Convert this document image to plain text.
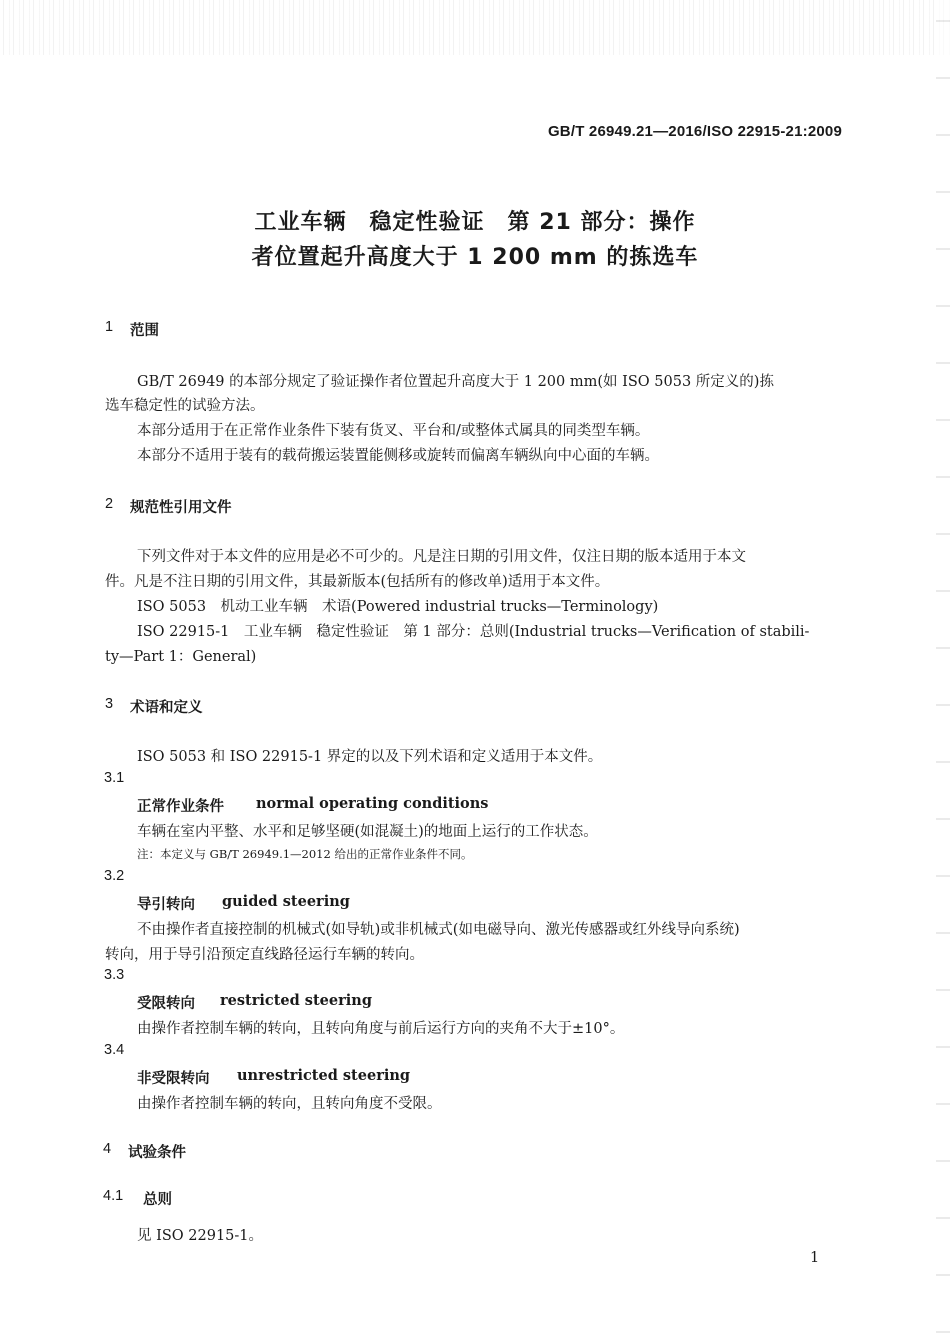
GB/T 26949.21—2016/ISO 22915-21:2009
工业车辆　稳定性验证　第 21 部分：操作
者位置起升高度大于 1 200 mm 的拣选车
1 范围
GB/T 26949 的本部分规定了验证操作者位置起升高度大于 1 200 mm(如 ISO 5053 所定义的)拣
选车稳定性的试验方法。
本部分适用于在正常作业条件下装有货叉、平台和/或整体式属具的同类型车辆。
本部分不适用于装有的载荷搬运装置能侧移或旋转而偏离车辆纵向中心面的车辆。
2 规范性引用文件
下列文件对于本文件的应用是必不可少的。凡是注日期的引用文件，仅注日期的版本适用于本文
件。凡是不注日期的引用文件，其最新版本(包括所有的修改单)适用于本文件。
ISO 5053　机动工业车辆　术语(Powered industrial trucks—Terminology)
ISO 22915-1　工业车辆　稳定性验证　第 1 部分：总则(Industrial trucks—Verification of stabili-
ty—Part 1：General)
3 术语和定义
ISO 5053 和 ISO 22915-1 界定的以及下列术语和定义适用于本文件。
3.1
正常作业条件 normal operating conditions
车辆在室内平整、水平和足够坚硬(如混凝土)的地面上运行的工作状态。
注：本定义与 GB/T 26949.1—2012 给出的正常作业条件不同。
3.2
导引转向 guided steering
不由操作者直接控制的机械式(如导轨)或非机械式(如电磁导向、激光传感器或红外线导向系统)
转向，用于导引沿预定直线路径运行车辆的转向。
3.3
受限转向 restricted steering
由操作者控制车辆的转向，且转向角度与前后运行方向的夹角不大于±10°。
3.4
非受限转向 unrestricted steering
由操作者控制车辆的转向，且转向角度不受限。
4 试验条件
4.1 总则
见 ISO 22915-1。
1
